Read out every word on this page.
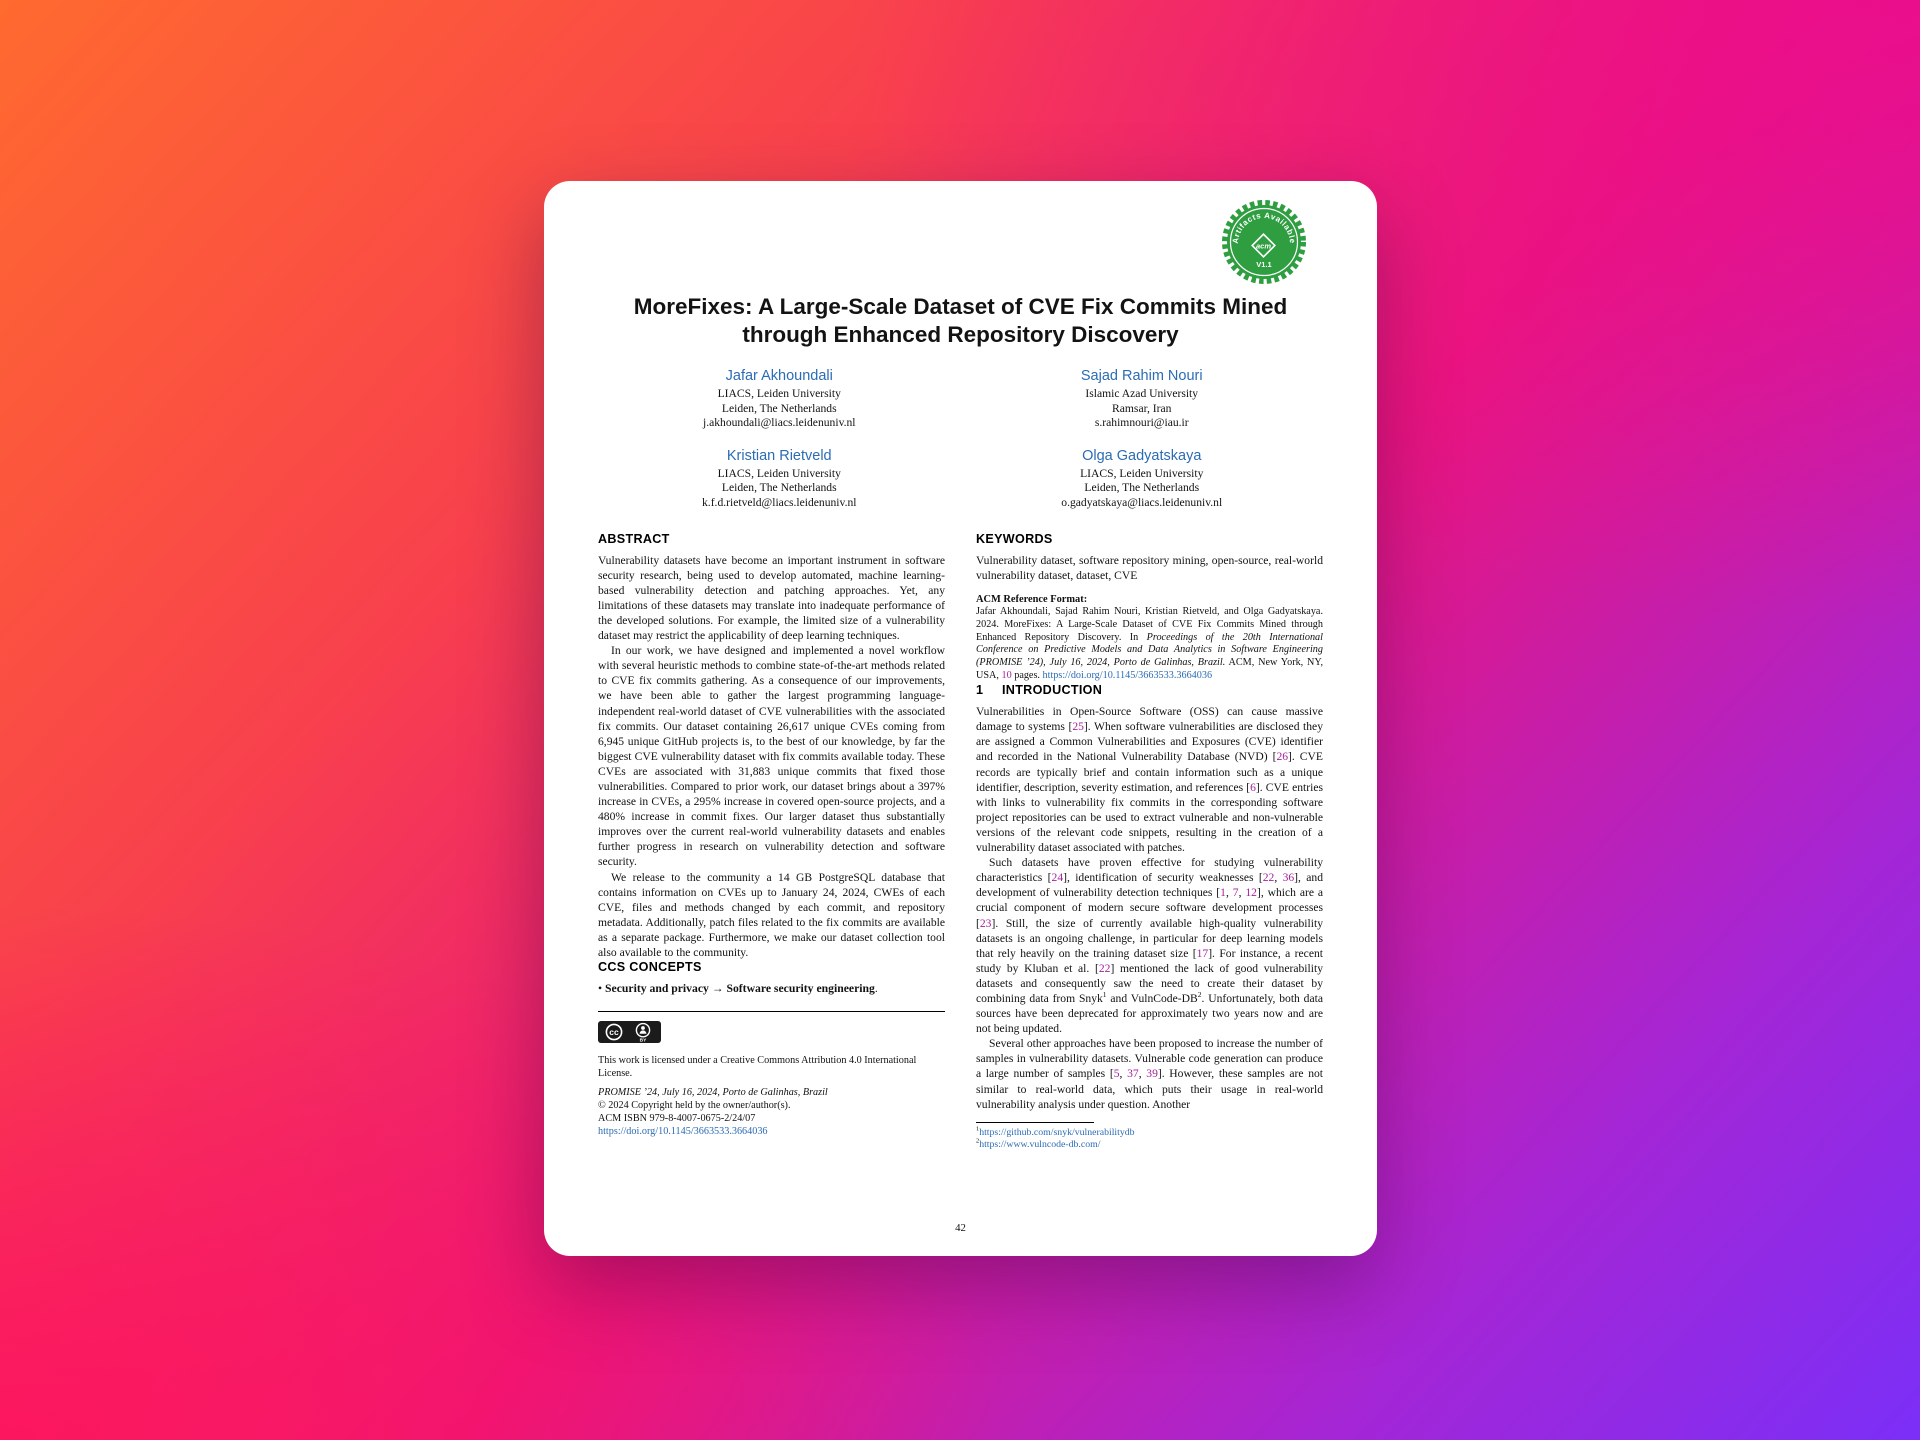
Artifacts Available
acm
V1.1
MoreFixes: A Large-Scale Dataset of CVE Fix Commits Mined through Enhanced Repository Discovery
Jafar Akhoundali
LIACS, Leiden University
Leiden, The Netherlands
j.akhoundali@liacs.leidenuniv.nl
Sajad Rahim Nouri
Islamic Azad University
Ramsar, Iran
s.rahimnouri@iau.ir
Kristian Rietveld
LIACS, Leiden University
Leiden, The Netherlands
k.f.d.rietveld@liacs.leidenuniv.nl
Olga Gadyatskaya
LIACS, Leiden University
Leiden, The Netherlands
o.gadyatskaya@liacs.leidenuniv.nl
ABSTRACT

Vulnerability datasets have become an important instrument in software security research, being used to develop automated, machine learning-based vulnerability detection and patching approaches. Yet, any limitations of these datasets may translate into inadequate performance of the developed solutions. For example, the limited size of a vulnerability dataset may restrict the applicability of deep learning techniques.

In our work, we have designed and implemented a novel workflow with several heuristic methods to combine state-of-the-art methods related to CVE fix commits gathering. As a consequence of our improvements, we have been able to gather the largest programming language-independent real-world dataset of CVE vulnerabilities with the associated fix commits. Our dataset containing 26,617 unique CVEs coming from 6,945 unique GitHub projects is, to the best of our knowledge, by far the biggest CVE vulnerability dataset with fix commits available today. These CVEs are associated with 31,883 unique commits that fixed those vulnerabilities. Compared to prior work, our dataset brings about a 397% increase in CVEs, a 295% increase in covered open-source projects, and a 480% increase in commit fixes. Our larger dataset thus substantially improves over the current real-world vulnerability datasets and enables further progress in research on vulnerability detection and software security.

We release to the community a 14 GB PostgreSQL database that contains information on CVEs up to January 24, 2024, CWEs of each CVE, files and methods changed by each commit, and repository metadata. Additionally, patch files related to the fix commits are available as a separate package. Furthermore, we make our dataset collection tool also available to the community.

CCS CONCEPTS

• Security and privacy → Software security engineering.

cc
BY

This work is licensed under a Creative Commons Attribution 4.0 International License.

PROMISE ’24, July 16, 2024, Porto de Galinhas, Brazil

© 2024 Copyright held by the owner/author(s).

ACM ISBN 979-8-4007-0675-2/24/07

https://doi.org/10.1145/3663533.3664036

KEYWORDS

Vulnerability dataset, software repository mining, open-source, real-world vulnerability dataset, dataset, CVE

ACM Reference Format:

Jafar Akhoundali, Sajad Rahim Nouri, Kristian Rietveld, and Olga Gadyatskaya. 2024. MoreFixes: A Large-Scale Dataset of CVE Fix Commits Mined through Enhanced Repository Discovery. In Proceedings of the 20th International Conference on Predictive Models and Data Analytics in Software Engineering (PROMISE ’24), July 16, 2024, Porto de Galinhas, Brazil. ACM, New York, NY, USA, 10 pages. https://doi.org/10.1145/3663533.3664036

1 INTRODUCTION

Vulnerabilities in Open-Source Software (OSS) can cause massive damage to systems [25]. When software vulnerabilities are disclosed they are assigned a Common Vulnerabilities and Exposures (CVE) identifier and recorded in the National Vulnerability Database (NVD) [26]. CVE records are typically brief and contain information such as a unique identifier, description, severity estimation, and references [6]. CVE entries with links to vulnerability fix commits in the corresponding software project repositories can be used to extract vulnerable and non-vulnerable versions of the relevant code snippets, resulting in the creation of a vulnerability dataset associated with patches.

Such datasets have proven effective for studying vulnerability characteristics [24], identification of security weaknesses [22, 36], and development of vulnerability detection techniques [1, 7, 12], which are a crucial component of modern secure software development processes [23]. Still, the size of currently available high-quality vulnerability datasets is an ongoing challenge, in particular for deep learning models that rely heavily on the training dataset size [17]. For instance, a recent study by Kluban et al. [22] mentioned the lack of good vulnerability datasets and consequently saw the need to create their dataset by combining data from Snyk$^1$ and VulnCode-$DB^2$. Unfortunately, both data sources have been deprecated for approximately two years now and are not being updated.

Several other approaches have been proposed to increase the number of samples in vulnerability datasets. Vulnerable code generation can produce a large number of samples [5, 37, 39]. However, these samples are not similar to real-world data, which puts their usage in real-world vulnerability analysis under question. Another

$^1$https://github.com/snyk/vulnerabilitydb

$^2$https://www.vulncode-db.com/

42
